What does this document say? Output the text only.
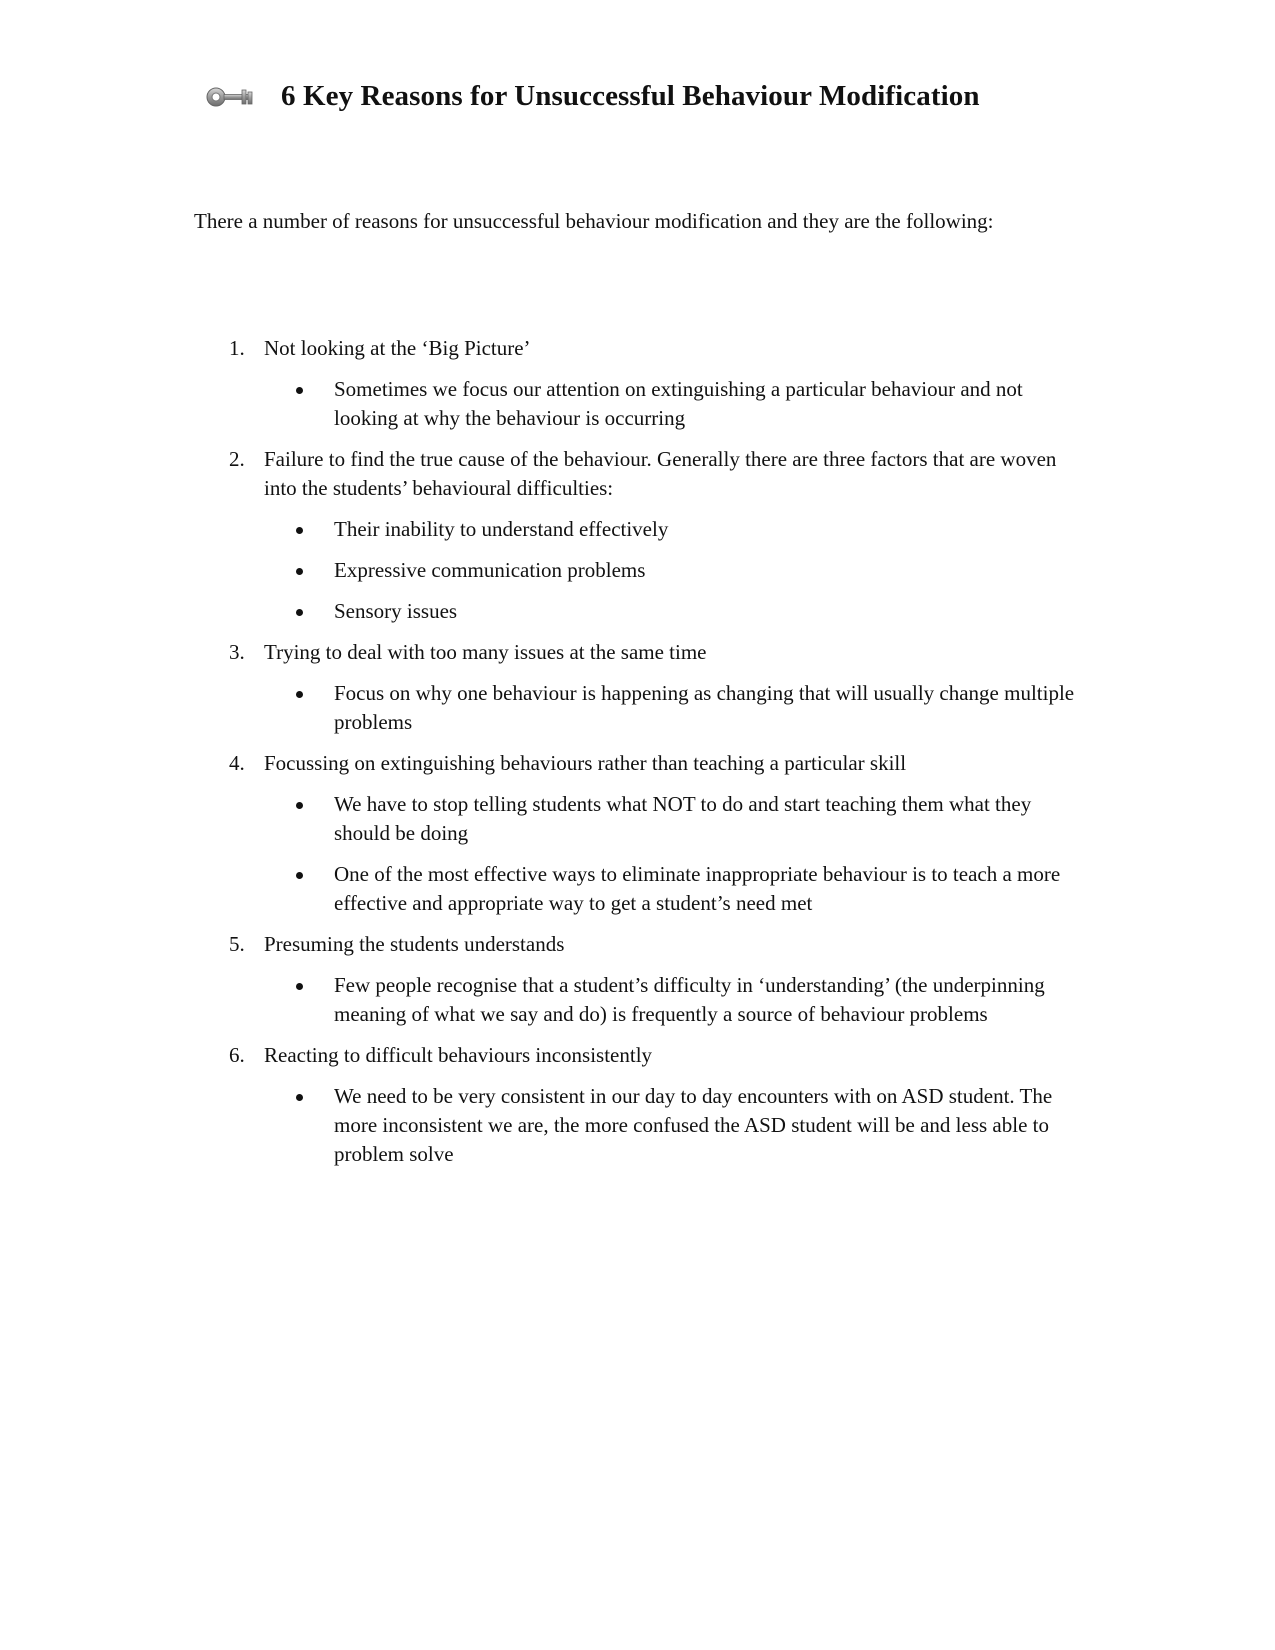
6 Key Reasons for Unsuccessful Behaviour Modification

There a number of reasons for unsuccessful behaviour modification and they are the following:

1. Not looking at the ‘Big Picture’
Sometimes we focus our attention on extinguishing a particular behaviour and not looking at why the behaviour is occurring
2. Failure to find the true cause of the behaviour. Generally there are three factors that are woven into the students’ behavioural difficulties:
Their inability to understand effectively
Expressive communication problems
Sensory issues
3. Trying to deal with too many issues at the same time
Focus on why one behaviour is happening as changing that will usually change multiple problems
4. Focussing on extinguishing behaviours rather than teaching a particular skill
We have to stop telling students what NOT to do and start teaching them what they should be doing
One of the most effective ways to eliminate inappropriate behaviour is to teach a more effective and appropriate way to get a student’s need met
5. Presuming the students understands
Few people recognise that a student’s difficulty in ‘understanding’ (the underpinning meaning of what we say and do) is frequently a source of behaviour problems
6. Reacting to difficult behaviours inconsistently
We need to be very consistent in our day to day encounters with on ASD student. The more inconsistent we are, the more confused the ASD student will be and less able to problem solve
